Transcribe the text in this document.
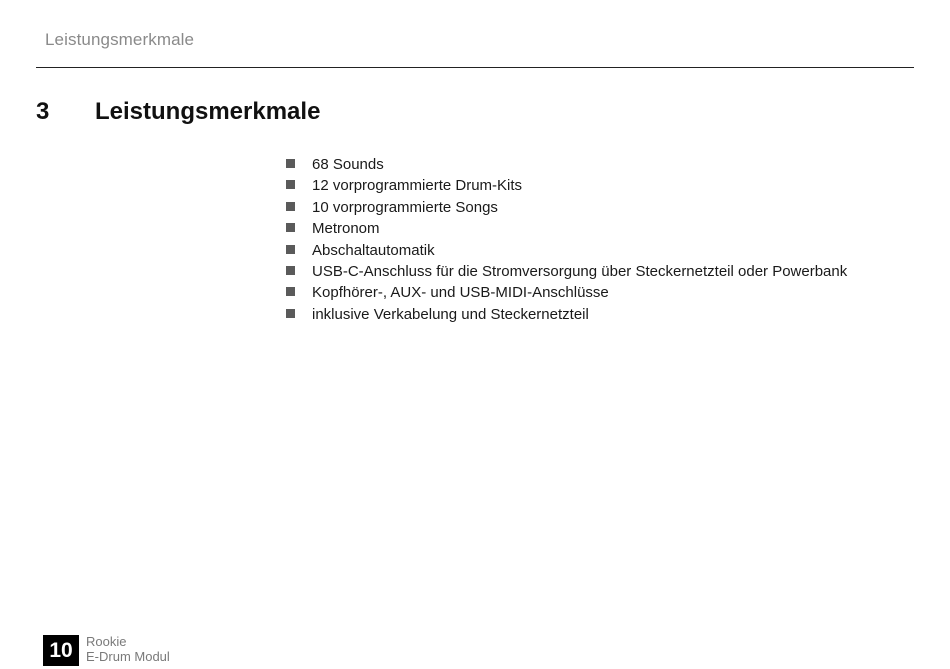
Leistungsmerkmale
3 Leistungsmerkmale
68 Sounds
12 vorprogrammierte Drum-Kits
10 vorprogrammierte Songs
Metronom
Abschaltautomatik
USB-C-Anschluss für die Stromversorgung über Steckernetzteil oder Powerbank
Kopfhörer-, AUX- und USB-MIDI-Anschlüsse
inklusive Verkabelung und Steckernetzteil
10	Rookie
E-Drum Modul
